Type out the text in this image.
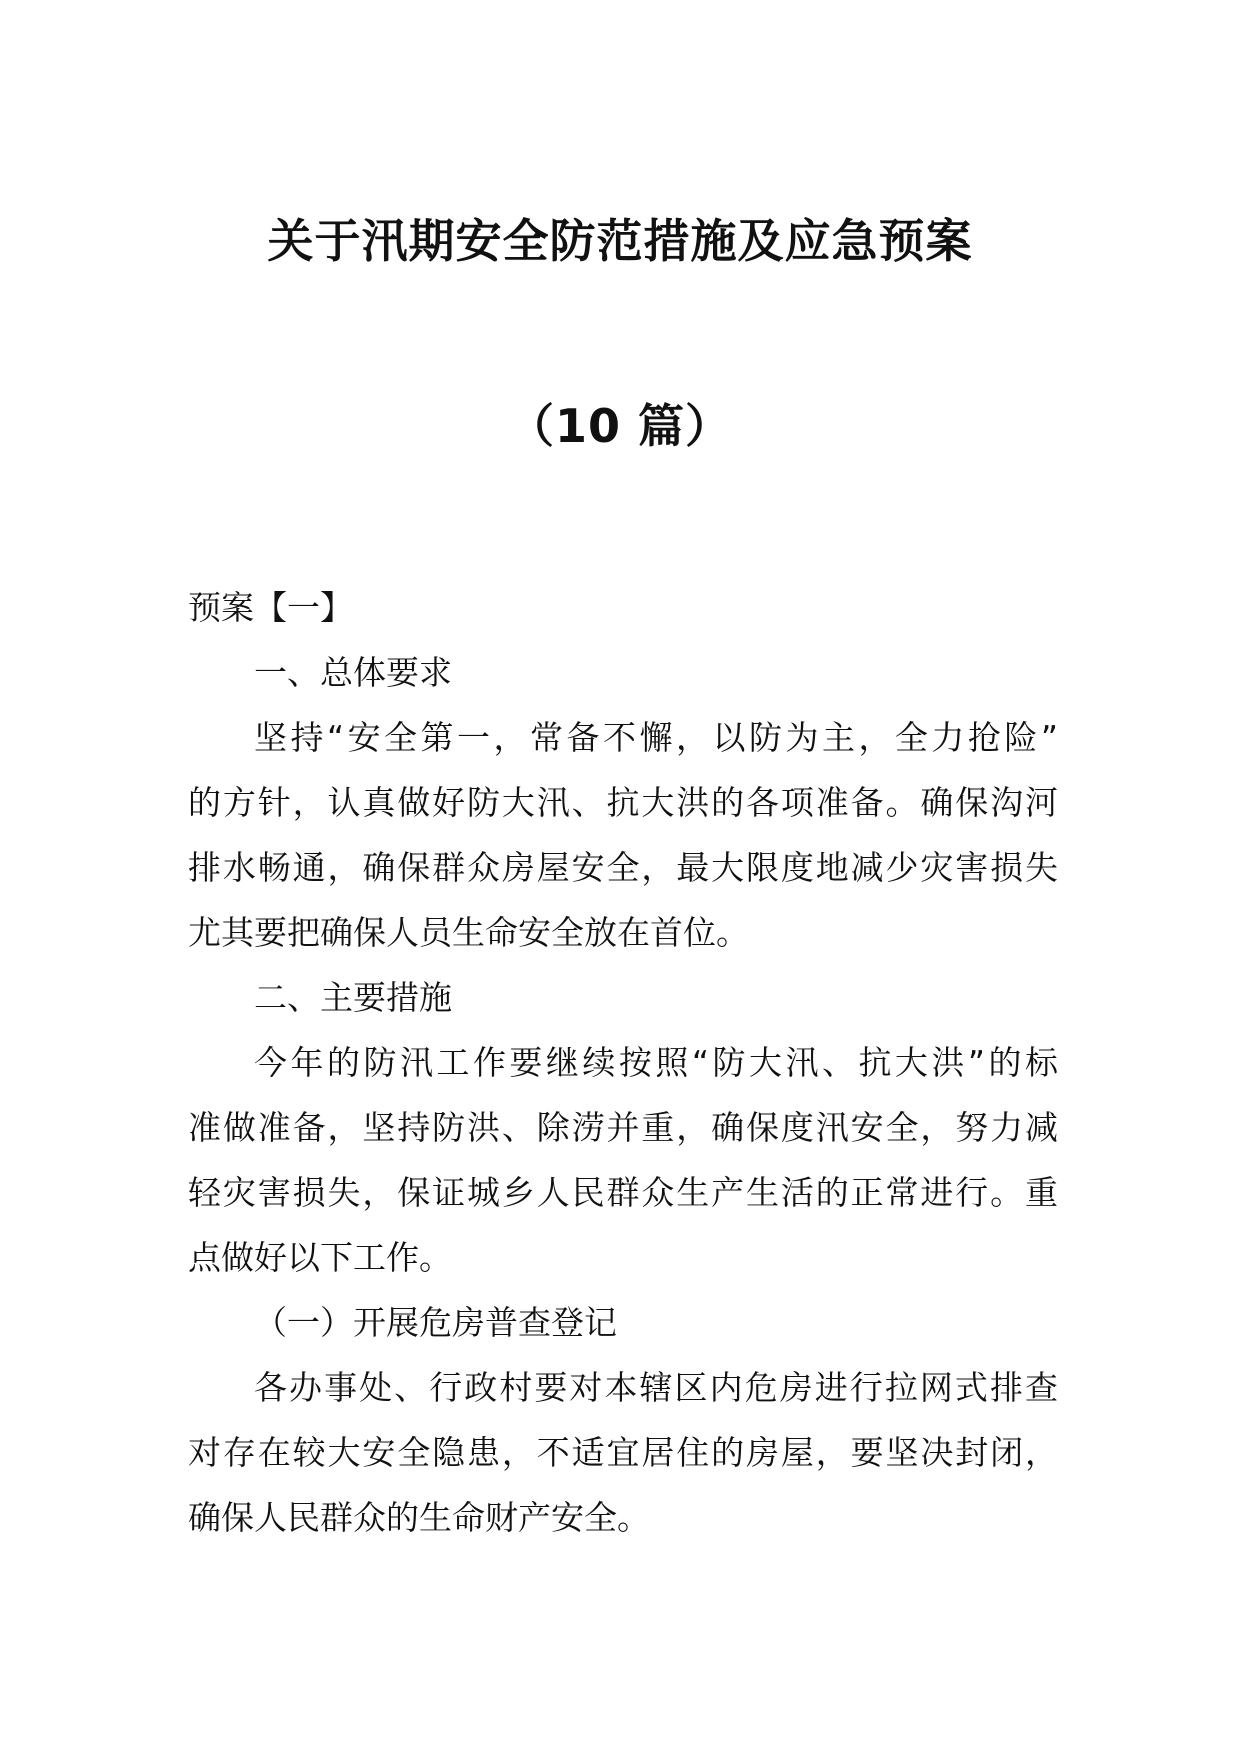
关于汛期安全防范措施及应急预案
（10 篇）
预案【一】
一、总体要求
坚持“安全第一，常备不懈，以防为主，全力抢险”
的方针，认真做好防大汛、抗大洪的各项准备。确保沟河
排水畅通，确保群众房屋安全，最大限度地减少灾害损失
尤其要把确保人员生命安全放在首位。
二、主要措施
今年的防汛工作要继续按照“防大汛、抗大洪”的标
准做准备，坚持防洪、除涝并重，确保度汛安全，努力减
轻灾害损失，保证城乡人民群众生产生活的正常进行。重
点做好以下工作。
（一）开展危房普查登记
各办事处、行政村要对本辖区内危房进行拉网式排查
对存在较大安全隐患，不适宜居住的房屋，要坚决封闭，
确保人民群众的生命财产安全。
